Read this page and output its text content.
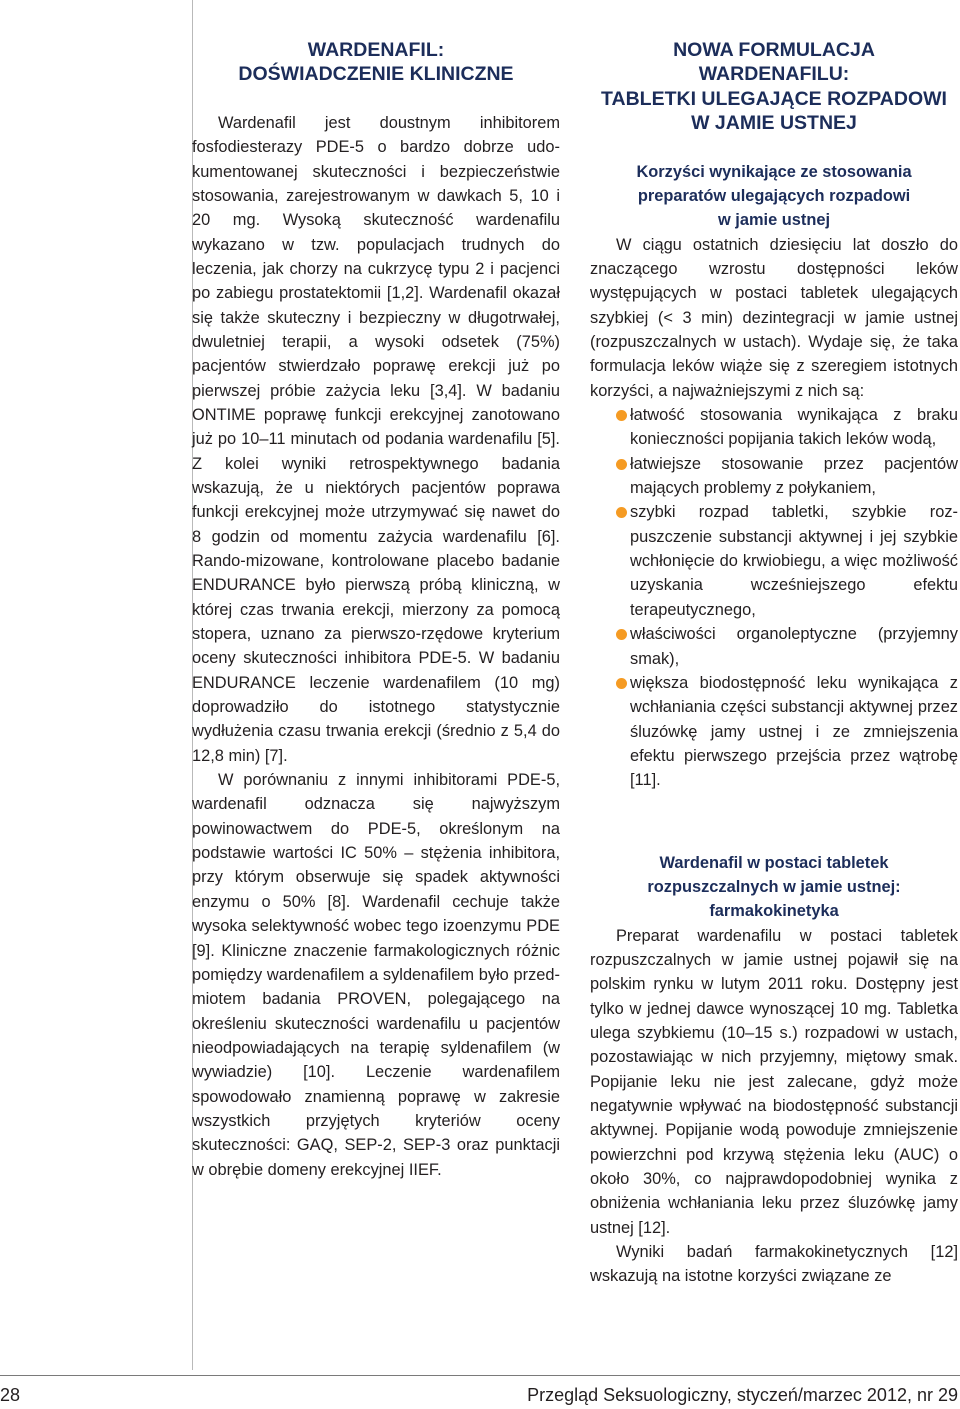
WARDENAFIL:
DOŚWIADCZENIE KLINICZNE

Wardenafil jest doustnym inhibitorem fosfodiesterazy PDE-5 o bardzo dobrze udokumentowanej skuteczności i bezpieczeństwie stosowania, zarejestrowanym w dawkach 5, 10 i 20 mg. Wysoką skuteczność wardenafilu wykazano w tzw. populacjach trudnych do leczenia, jak chorzy na cukrzycę typu 2 i pacjenci po zabiegu prostatektomii [1,2]. Wardenafil okazał się także skuteczny i bezpieczny w długotrwałej, dwuletniej terapii, a wysoki odsetek (75%) pacjentów stwierdzało poprawę erekcji już po pierwszej próbie zażycia leku [3,4]. W badaniu ONTIME poprawę funkcji erekcyjnej zanotowano już po 10–11 minutach od podania wardenafilu [5]. Z kolei wyniki retrospektywnego badania wskazują, że u niektórych pacjentów poprawa funkcji erekcyjnej może utrzymywać się nawet do 8 godzin od momentu zażycia wardenafilu [6]. Rando-mizowane, kontrolowane placebo badanie ENDURANCE było pierwszą próbą kliniczną, w której czas trwania erekcji, mierzony za pomocą stopera, uznano za pierwszo-rzędowe kryterium oceny skuteczności inhibitora PDE-5. W badaniu ENDURANCE leczenie wardenafilem (10 mg) doprowadziło do istotnego statystycznie wydłużenia czasu trwania erekcji (średnio z 5,4 do 12,8 min) [7].

W porównaniu z innymi inhibitorami PDE-5, wardenafil odznacza się najwyższym powinowactwem do PDE-5, określonym na podstawie wartości IC 50% – stężenia inhibitora, przy którym obserwuje się spadek aktywności enzymu o 50% [8]. Wardenafil cechuje także wysoka selektywność wobec tego izoenzymu PDE [9]. Kliniczne znaczenie farmakologicznych różnic pomiędzy wardenafilem a syldenafilem było przedmiotem badania PROVEN, polegającego na określeniu skuteczności wardenafilu u pacjentów nieodpowiadających na terapię syldenafilem (w wywiadzie) [10]. Leczenie wardenafilem spowodowało znamienną poprawę w zakresie wszystkich przyjętych kryteriów oceny skuteczności: GAQ, SEP-2, SEP-3 oraz punktacji w obrębie domeny erekcyjnej IIEF.

NOWA FORMULACJA
WARDENAFILU:
TABLETKI ULEGAJĄCE ROZPADOWI
W JAMIE USTNEJ
Korzyści wynikające ze stosowania
preparatów ulegających rozpadowi
w jamie ustnej

W ciągu ostatnich dziesięciu lat doszło do znaczącego wzrostu dostępności leków występujących w postaci tabletek ulegających szybkiej (< 3 min) dezintegracji w jamie ustnej (rozpuszczalnych w ustach). Wydaje się, że taka formulacja leków wiąże się z szeregiem istotnych korzyści, a najważniejszymi z nich są:

łatwość stosowania wynikająca z braku konieczności popijania takich leków wodą,
łatwiejsze stosowanie przez pacjentów mających problemy z połykaniem,
szybki rozpad tabletki, szybkie rozpuszczenie substancji aktywnej i jej szybkie wchłonięcie do krwiobiegu, a więc możliwość uzyskania wcześniejszego efektu terapeutycznego,
właściwości organoleptyczne (przyjemny smak),
większa biodostępność leku wynikająca z wchłaniania części substancji aktywnej przez śluzówkę jamy ustnej i ze zmniejszenia efektu pierwszego przejścia przez wątrobę [11].
Wardenafil w postaci tabletek
rozpuszczalnych w jamie ustnej:
farmakokinetyka

Preparat wardenafilu w postaci tabletek rozpuszczalnych w jamie ustnej pojawił się na polskim rynku w lutym 2011 roku. Dostępny jest tylko w jednej dawce wynoszącej 10 mg. Tabletka ulega szybkiemu (10–15 s.) rozpadowi w ustach, pozostawiając w nich przyjemny, miętowy smak. Popijanie leku nie jest zalecane, gdyż może negatywnie wpływać na biodostępność substancji aktywnej. Popijanie wodą powoduje zmniejszenie powierzchni pod krzywą stężenia leku (AUC) o około 30%, co najprawdopodobniej wynika z obniżenia wchłaniania leku przez śluzówkę jamy ustnej [12].

Wyniki badań farmakokinetycznych [12] wskazują na istotne korzyści związane ze

28	Przegląd Seksuologiczny, styczeń/marzec 2012, nr 29
